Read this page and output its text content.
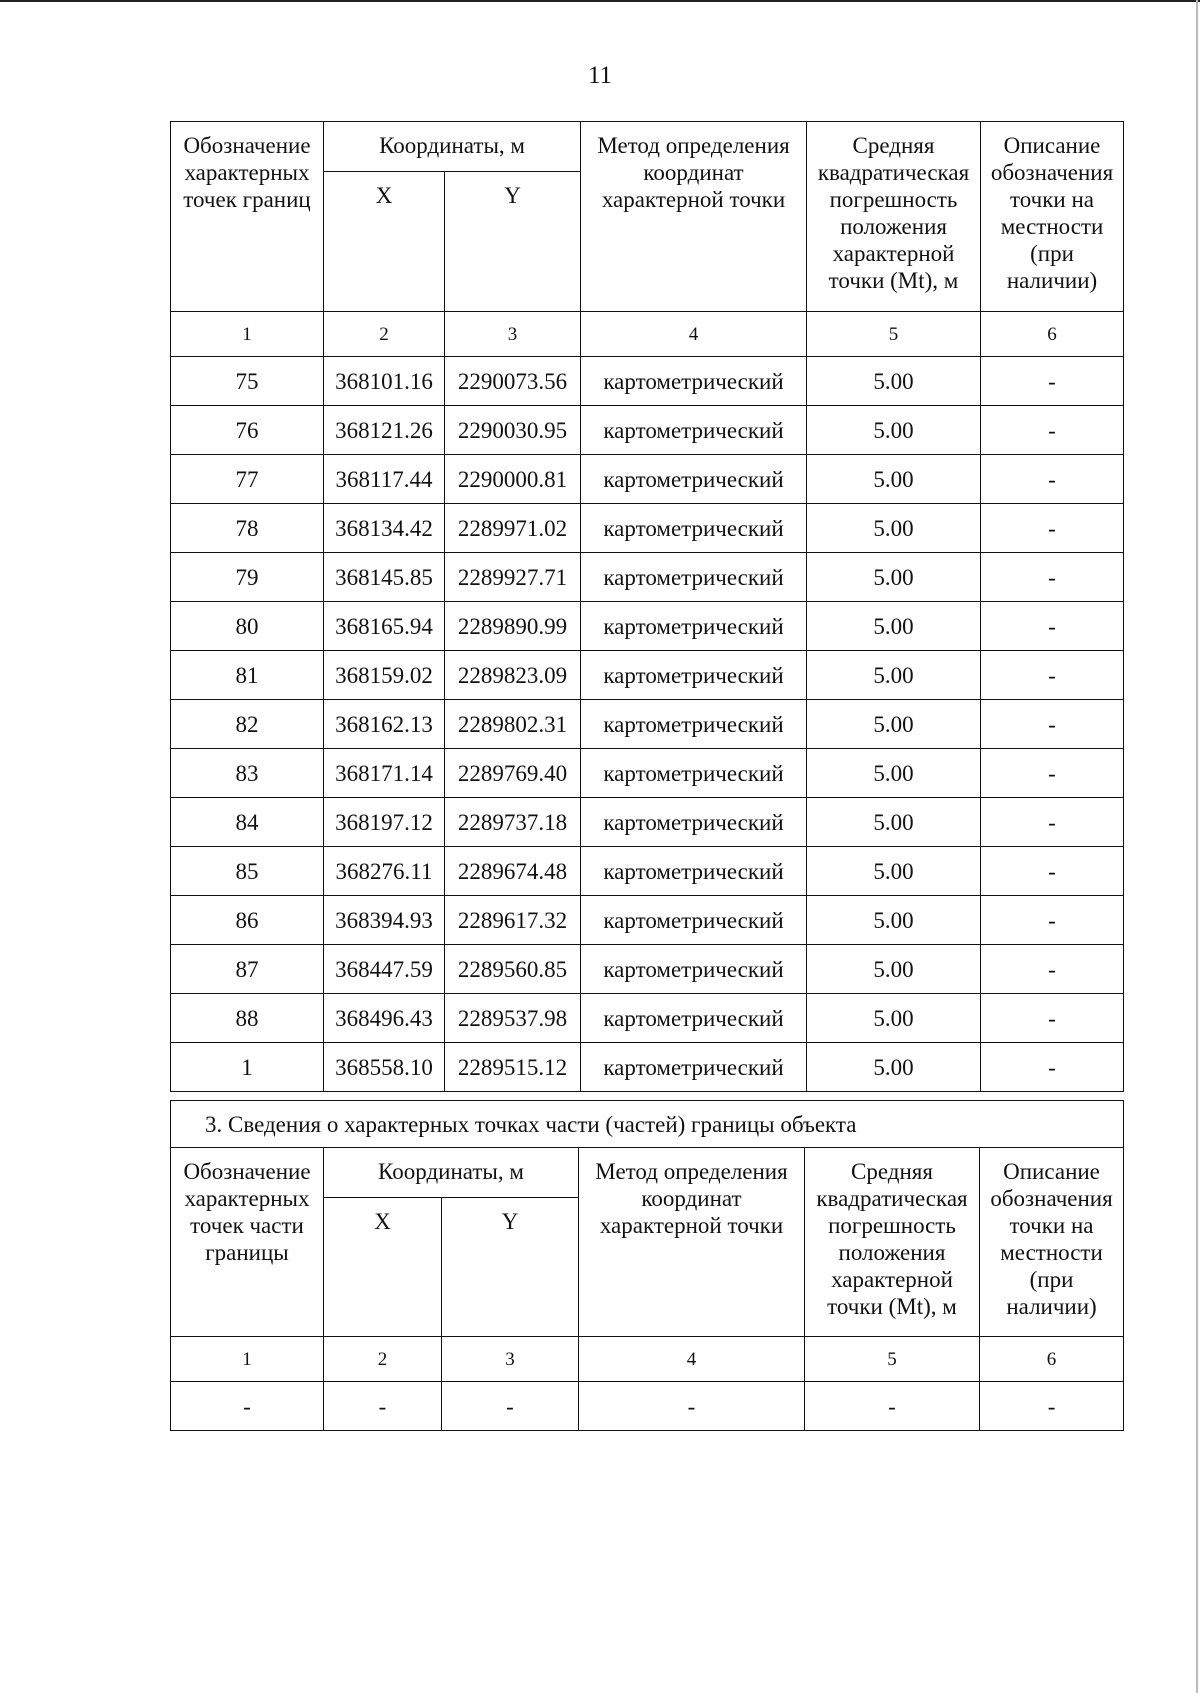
11
Обозначение характерных точек границ	Координаты, м		Метод определения координат характерной точки	Средняя квадратическая погрешность положения характерной точки (Mt), м	Описание обозначения точки на местности (при наличии)
	X	Y			
1	2	3	4	5	6
75	368101.16	2290073.56	картометрический	5.00	-
76	368121.26	2290030.95	картометрический	5.00	-
77	368117.44	2290000.81	картометрический	5.00	-
78	368134.42	2289971.02	картометрический	5.00	-
79	368145.85	2289927.71	картометрический	5.00	-
80	368165.94	2289890.99	картометрический	5.00	-
81	368159.02	2289823.09	картометрический	5.00	-
82	368162.13	2289802.31	картометрический	5.00	-
83	368171.14	2289769.40	картометрический	5.00	-
84	368197.12	2289737.18	картометрический	5.00	-
85	368276.11	2289674.48	картометрический	5.00	-
86	368394.93	2289617.32	картометрический	5.00	-
87	368447.59	2289560.85	картометрический	5.00	-
88	368496.43	2289537.98	картометрический	5.00	-
1	368558.10	2289515.12	картометрический	5.00	-
3. Сведения о характерных точках части (частей) границы объекта					
Обозначение характерных точек части границы	Координаты, м		Метод определения координат характерной точки	Средняя квадратическая погрешность положения характерной точки (Mt), м	Описание обозначения точки на местности (при наличии)
	X	Y			
1	2	3	4	5	6
-	-	-	-	-	-
